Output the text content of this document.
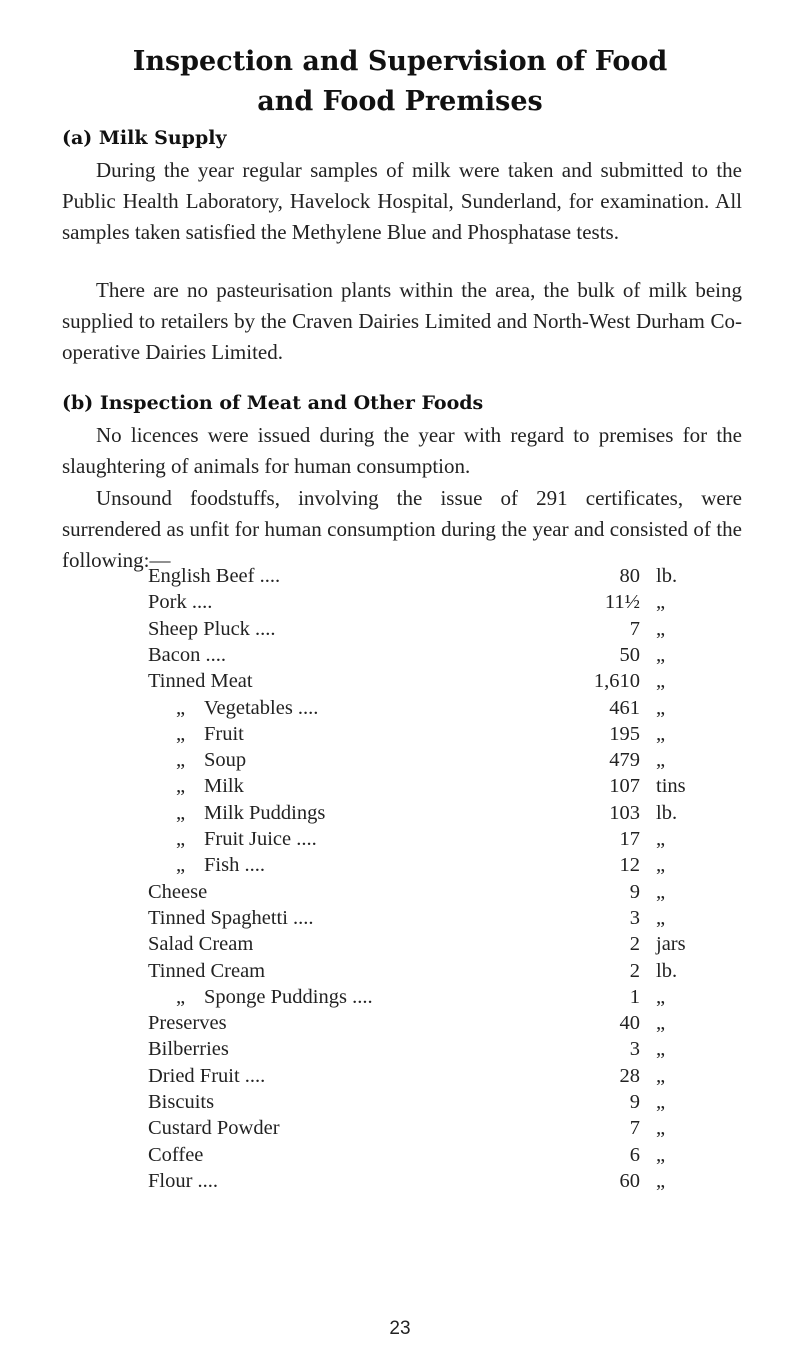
Inspection and Supervision of Food
and Food Premises
(a) Milk Supply

During the year regular samples of milk were taken and submitted to the Public Health Laboratory, Havelock Hospital, Sunderland, for examination. All samples taken satisfied the Methylene Blue and Phosphatase tests.

There are no pasteurisation plants within the area, the bulk of milk being supplied to retailers by the Craven Dairies Limited and North-West Durham Co-operative Dairies Limited.

(b) Inspection of Meat and Other Foods

No licences were issued during the year with regard to premises for the slaughtering of animals for human consumption.

Unsound foodstuffs, involving the issue of 291 certificates, were surrendered as unfit for human consumption during the year and consisted of the following:—

English Beef ....	80 lb.
Pork ....	11½ „
Sheep Pluck ....	7 „
Bacon ....	50 „
Tinned Meat	1,610 „
„ Vegetables ....	461 „
„ Fruit	195 „
„ Soup	479 „
„ Milk	107 tins
„ Milk Puddings	103 lb.
„ Fruit Juice ....	17 „
„ Fish ....	12 „
Cheese	9 „
Tinned Spaghetti ....	3 „
Salad Cream	2 jars
Tinned Cream	2 lb.
„ Sponge Puddings ....	1 „
Preserves	40 „
Bilberries	3 „
Dried Fruit ....	28 „
Biscuits	9 „
Custard Powder	7 „
Coffee	6 „
Flour ....	60 „
23
